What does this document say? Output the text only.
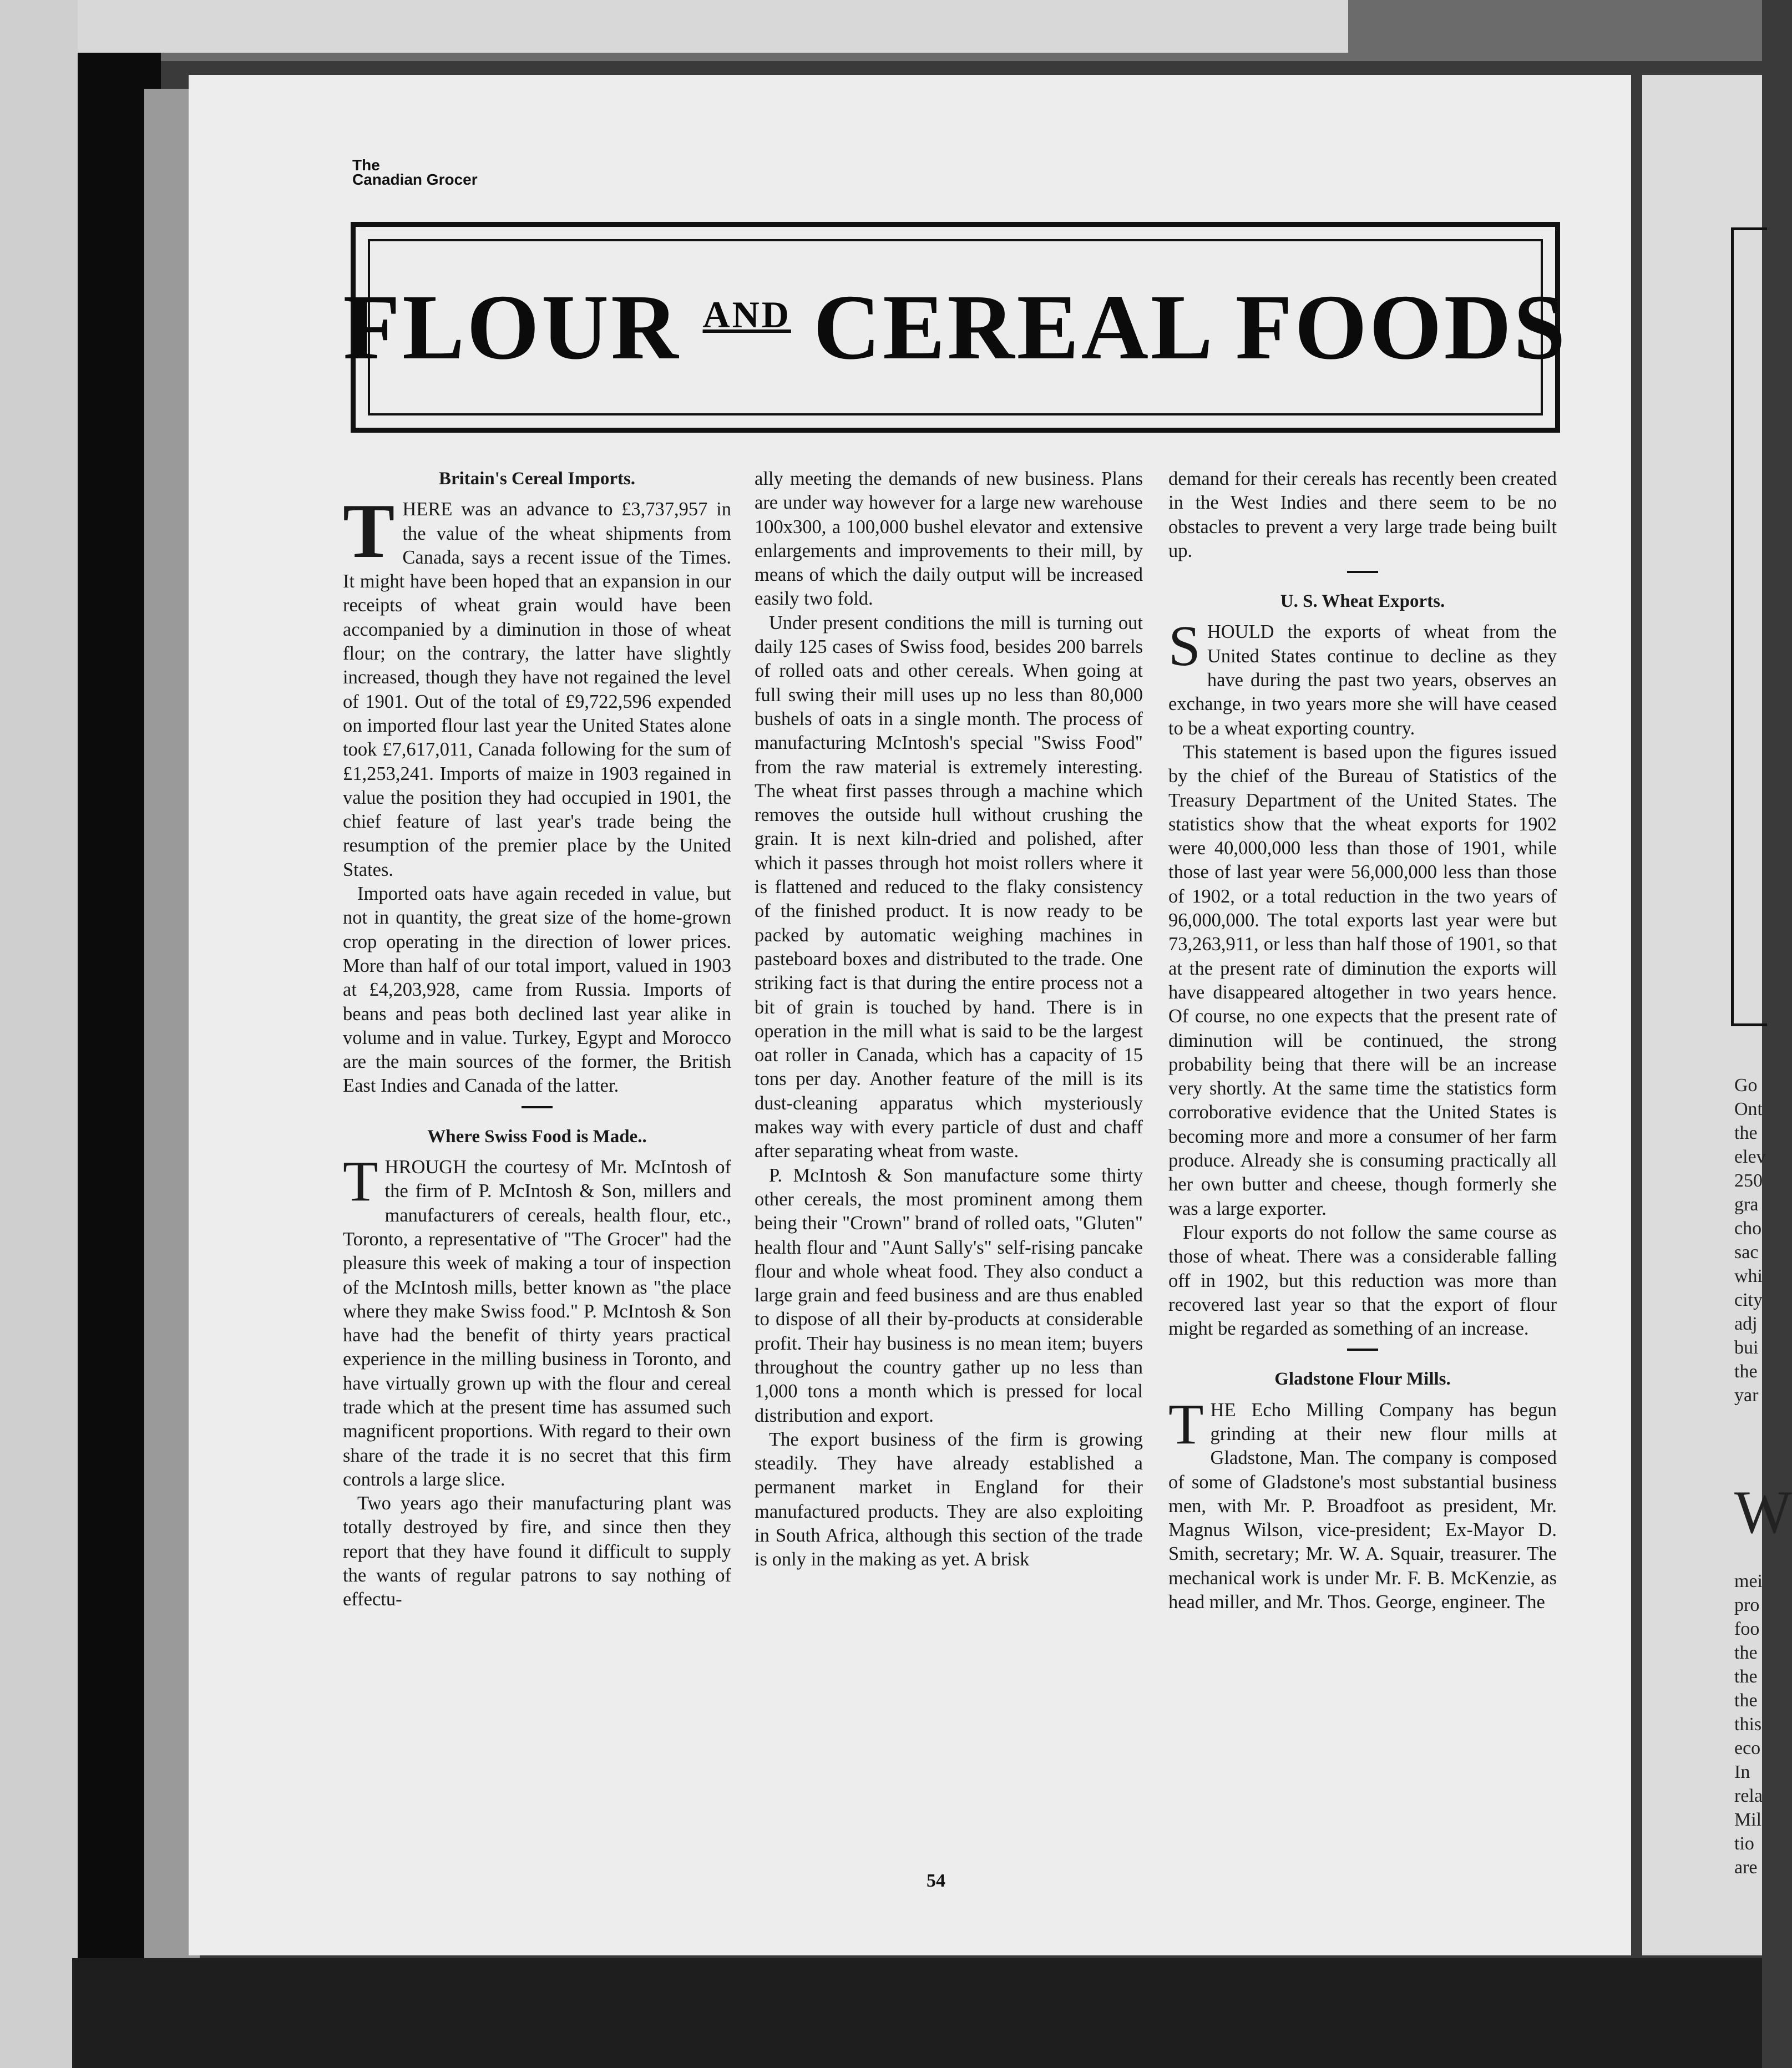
Go
Ont
the
elev
250
gra
cho
sac
whi
city
adj
bui
the
yar

W

mei
pro
foo
the
the
the
this
eco
In
rela
Mil
tio
are
The
Canadian Grocer
FLOUR $^{AND}$ CEREAL FOODS
Britain's Cereal Imports.

THERE was an advance to £3,737,957 in the value of the wheat shipments from Canada, says a recent issue of the Times. It might have been hoped that an expansion in our receipts of wheat grain would have been accompanied by a diminution in those of wheat flour; on the contrary, the latter have slightly increased, though they have not regained the level of 1901. Out of the total of £9,722,596 expended on imported flour last year the United States alone took £7,617,011, Canada following for the sum of £1,253,241. Imports of maize in 1903 regained in value the position they had occupied in 1901, the chief feature of last year's trade being the resumption of the premier place by the United States.

Imported oats have again receded in value, but not in quantity, the great size of the home-grown crop operating in the direction of lower prices. More than half of our total import, valued in 1903 at £4,203,928, came from Russia. Imports of beans and peas both declined last year alike in volume and in value. Turkey, Egypt and Morocco are the main sources of the former, the British East Indies and Canada of the latter.

Where Swiss Food is Made..

THROUGH the courtesy of Mr. McIntosh of the firm of P. McIntosh & Son, millers and manufacturers of cereals, health flour, etc., Toronto, a representative of "The Grocer" had the pleasure this week of making a tour of inspection of the McIntosh mills, better known as "the place where they make Swiss food." P. McIntosh & Son have had the benefit of thirty years practical experience in the milling business in Toronto, and have virtually grown up with the flour and cereal trade which at the present time has assumed such magnificent proportions. With regard to their own share of the trade it is no secret that this firm controls a large slice.

Two years ago their manufacturing plant was totally destroyed by fire, and since then they report that they have found it difficult to supply the wants of regular patrons to say nothing of effectu-

ally meeting the demands of new business. Plans are under way however for a large new warehouse 100x300, a 100,000 bushel elevator and extensive enlargements and improvements to their mill, by means of which the daily output will be increased easily two fold.

Under present conditions the mill is turning out daily 125 cases of Swiss food, besides 200 barrels of rolled oats and other cereals. When going at full swing their mill uses up no less than 80,000 bushels of oats in a single month. The process of manufacturing McIntosh's special "Swiss Food" from the raw material is extremely interesting. The wheat first passes through a machine which removes the outside hull without crushing the grain. It is next kiln-dried and polished, after which it passes through hot moist rollers where it is flattened and reduced to the flaky consistency of the finished product. It is now ready to be packed by automatic weighing machines in pasteboard boxes and distributed to the trade. One striking fact is that during the entire process not a bit of grain is touched by hand. There is in operation in the mill what is said to be the largest oat roller in Canada, which has a capacity of 15 tons per day. Another feature of the mill is its dust-cleaning apparatus which mysteriously makes way with every particle of dust and chaff after separating wheat from waste.

P. McIntosh & Son manufacture some thirty other cereals, the most prominent among them being their "Crown" brand of rolled oats, "Gluten" health flour and "Aunt Sally's" self-rising pancake flour and whole wheat food. They also conduct a large grain and feed business and are thus enabled to dispose of all their by-products at considerable profit. Their hay business is no mean item; buyers throughout the country gather up no less than 1,000 tons a month which is pressed for local distribution and export.

The export business of the firm is growing steadily. They have already established a permanent market in England for their manufactured products. They are also exploiting in South Africa, although this section of the trade is only in the making as yet. A brisk

demand for their cereals has recently been created in the West Indies and there seem to be no obstacles to prevent a very large trade being built up.

U. S. Wheat Exports.

SHOULD the exports of wheat from the United States continue to decline as they have during the past two years, observes an exchange, in two years more she will have ceased to be a wheat exporting country.

This statement is based upon the figures issued by the chief of the Bureau of Statistics of the Treasury Department of the United States. The statistics show that the wheat exports for 1902 were 40,000,000 less than those of 1901, while those of last year were 56,000,000 less than those of 1902, or a total reduction in the two years of 96,000,000. The total exports last year were but 73,263,911, or less than half those of 1901, so that at the present rate of diminution the exports will have disappeared altogether in two years hence. Of course, no one expects that the present rate of diminution will be continued, the strong probability being that there will be an increase very shortly. At the same time the statistics form corroborative evidence that the United States is becoming more and more a consumer of her farm produce. Already she is consuming practically all her own butter and cheese, though formerly she was a large exporter.

Flour exports do not follow the same course as those of wheat. There was a considerable falling off in 1902, but this reduction was more than recovered last year so that the export of flour might be regarded as something of an increase.

Gladstone Flour Mills.

THE Echo Milling Company has begun grinding at their new flour mills at Gladstone, Man. The company is composed of some of Gladstone's most substantial business men, with Mr. P. Broadfoot as president, Mr. Magnus Wilson, vice-president; Ex-Mayor D. Smith, secretary; Mr. W. A. Squair, treasurer. The mechanical work is under Mr. F. B. McKenzie, as head miller, and Mr. Thos. George, engineer. The

54
